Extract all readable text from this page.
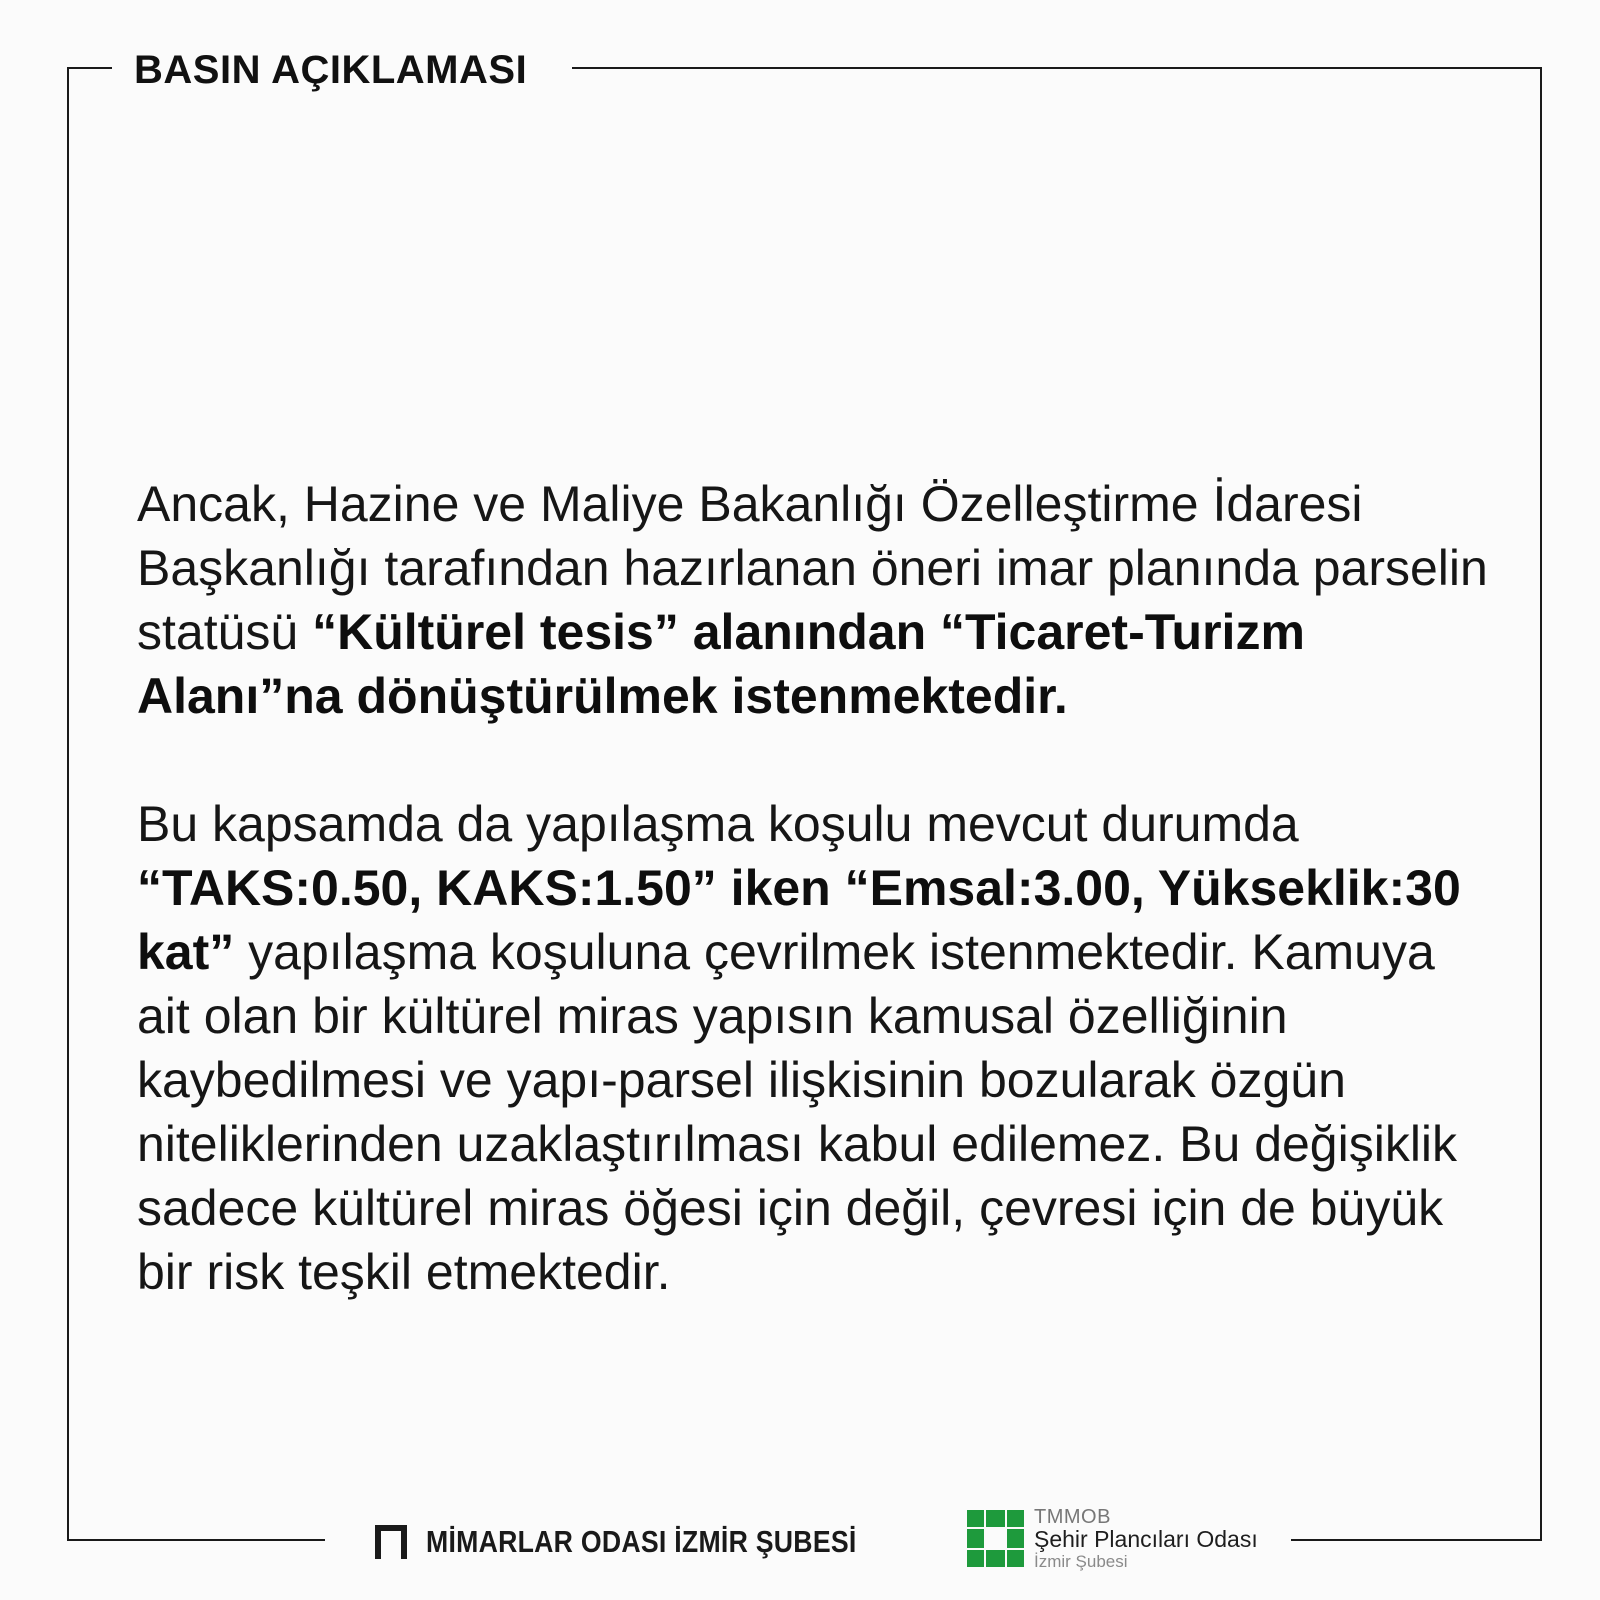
BASIN AÇIKLAMASI

Ancak, Hazine ve Maliye Bakanlığı Özelleştirme İdaresi Başkanlığı tarafından hazırlanan öneri imar planında parselin statüsü “Kültürel tesis” alanından “Ticaret-Turizm Alanı”na dönüştürülmek istenmektedir.

Bu kapsamda da yapılaşma koşulu mevcut durumda “TAKS:0.50, KAKS:1.50” iken “Emsal:3.00, Yükseklik:30 kat” yapılaşma koşuluna çevrilmek istenmektedir. Kamuya ait olan bir kültürel miras yapısın kamusal özelliğinin kaybedilmesi ve yapı-parsel ilişkisinin bozularak özgün niteliklerinden uzaklaştırılması kabul edilemez. Bu değişiklik sadece kültürel miras öğesi için değil, çevresi için de büyük bir risk teşkil etmektedir.

MİMARLAR ODASI İZMİR ŞUBESİ
TMMOB
Şehir Plancıları Odası
İzmir Şubesi
